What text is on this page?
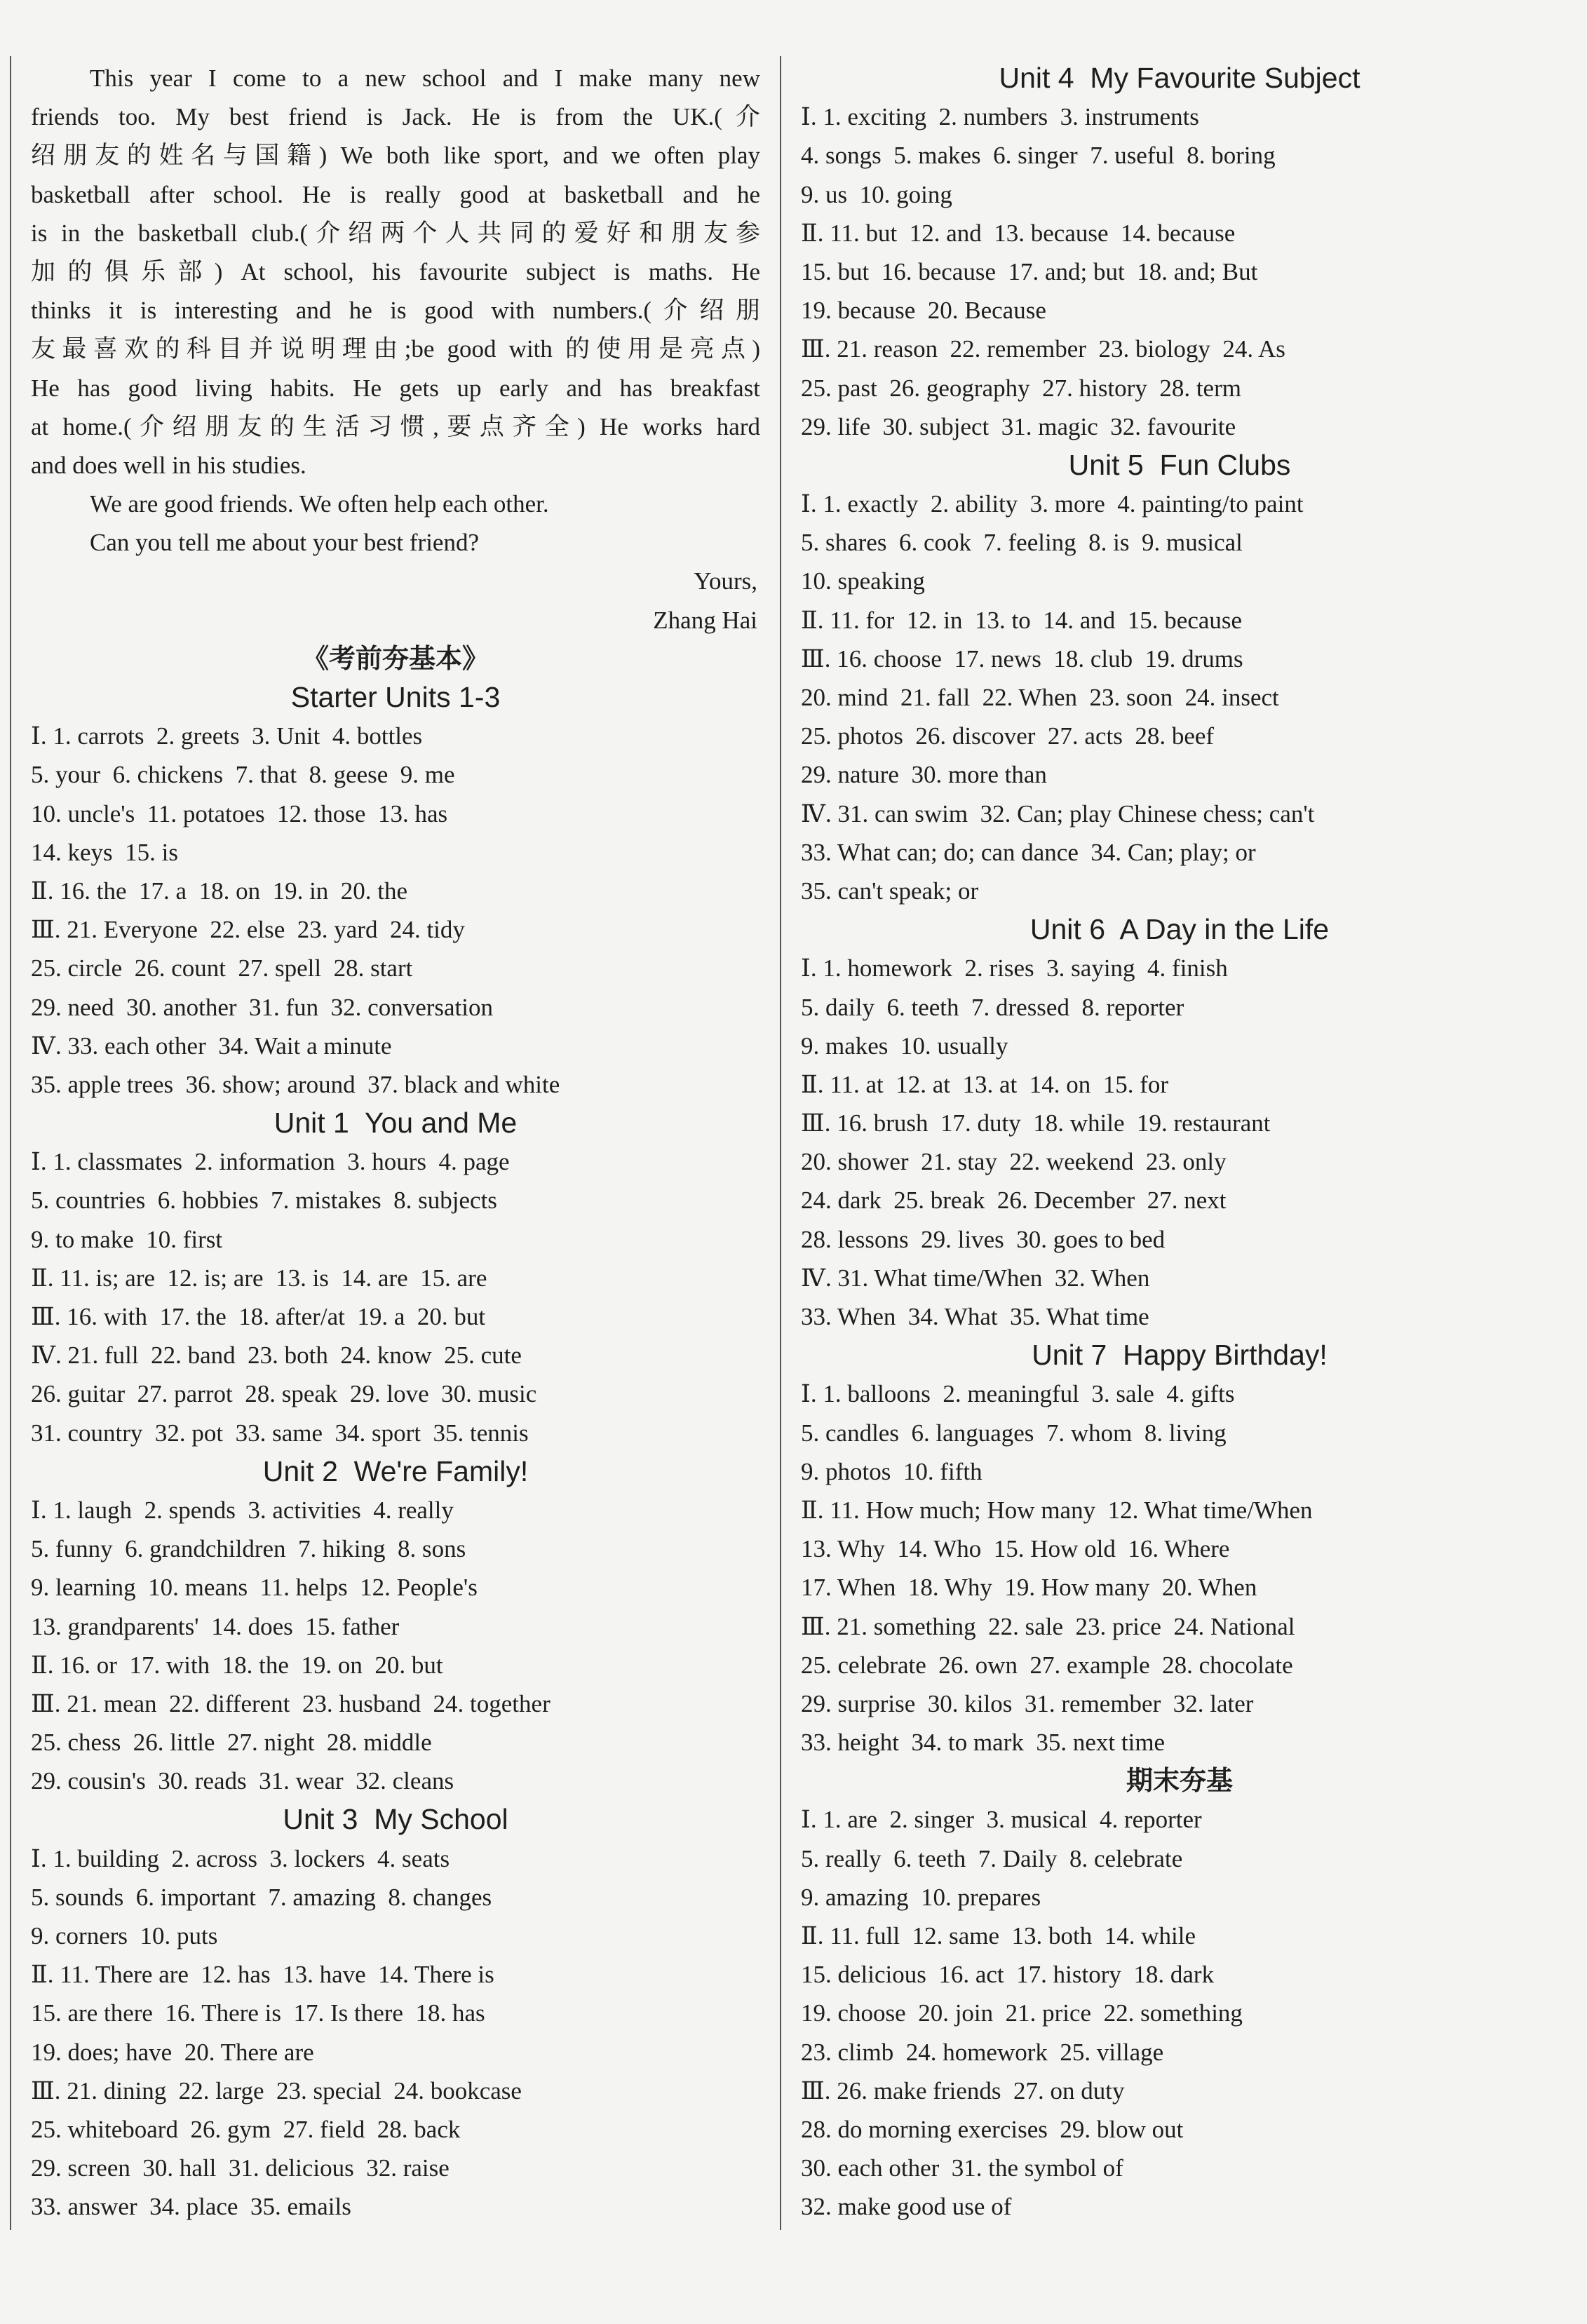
This year I come to a new school and I make many new
friends too. My best friend is Jack. He is from the UK.(介
绍朋友的姓名与国籍) We both like sport, and we often play
basketball after school. He is really good at basketball and he
is in the basketball club.(介绍两个人共同的爱好和朋友参
加的俱乐部) At school, his favourite subject is maths. He
thinks it is interesting and he is good with numbers.(介绍朋
友最喜欢的科目并说明理由;be good with 的使用是亮点)
He has good living habits. He gets up early and has breakfast
at home.(介绍朋友的生活习惯,要点齐全) He works hard
and does well in his studies.
We are good friends. We often help each other.
Can you tell me about your best friend?
Yours,
Zhang Hai
《考前夯基本》
Starter Units 1-3
Ⅰ. 1. carrots  2. greets  3. Unit  4. bottles
5. your  6. chickens  7. that  8. geese  9. me
10. uncle's  11. potatoes  12. those  13. has
14. keys  15. is
Ⅱ. 16. the  17. a  18. on  19. in  20. the
Ⅲ. 21. Everyone  22. else  23. yard  24. tidy
25. circle  26. count  27. spell  28. start
29. need  30. another  31. fun  32. conversation
Ⅳ. 33. each other  34. Wait a minute
35. apple trees  36. show; around  37. black and white
Unit 1  You and Me
Ⅰ. 1. classmates  2. information  3. hours  4. page
5. countries  6. hobbies  7. mistakes  8. subjects
9. to make  10. first
Ⅱ. 11. is; are  12. is; are  13. is  14. are  15. are
Ⅲ. 16. with  17. the  18. after/at  19. a  20. but
Ⅳ. 21. full  22. band  23. both  24. know  25. cute
26. guitar  27. parrot  28. speak  29. love  30. music
31. country  32. pot  33. same  34. sport  35. tennis
Unit 2  We're Family!
Ⅰ. 1. laugh  2. spends  3. activities  4. really
5. funny  6. grandchildren  7. hiking  8. sons
9. learning  10. means  11. helps  12. People's
13. grandparents'  14. does  15. father
Ⅱ. 16. or  17. with  18. the  19. on  20. but
Ⅲ. 21. mean  22. different  23. husband  24. together
25. chess  26. little  27. night  28. middle
29. cousin's  30. reads  31. wear  32. cleans
Unit 3  My School
Ⅰ. 1. building  2. across  3. lockers  4. seats
5. sounds  6. important  7. amazing  8. changes
9. corners  10. puts
Ⅱ. 11. There are  12. has  13. have  14. There is
15. are there  16. There is  17. Is there  18. has
19. does; have  20. There are
Ⅲ. 21. dining  22. large  23. special  24. bookcase
25. whiteboard  26. gym  27. field  28. back
29. screen  30. hall  31. delicious  32. raise
33. answer  34. place  35. emails
Unit 4  My Favourite Subject
Ⅰ. 1. exciting  2. numbers  3. instruments
4. songs  5. makes  6. singer  7. useful  8. boring
9. us  10. going
Ⅱ. 11. but  12. and  13. because  14. because
15. but  16. because  17. and; but  18. and; But
19. because  20. Because
Ⅲ. 21. reason  22. remember  23. biology  24. As
25. past  26. geography  27. history  28. term
29. life  30. subject  31. magic  32. favourite
Unit 5  Fun Clubs
Ⅰ. 1. exactly  2. ability  3. more  4. painting/to paint
5. shares  6. cook  7. feeling  8. is  9. musical
10. speaking
Ⅱ. 11. for  12. in  13. to  14. and  15. because
Ⅲ. 16. choose  17. news  18. club  19. drums
20. mind  21. fall  22. When  23. soon  24. insect
25. photos  26. discover  27. acts  28. beef
29. nature  30. more than
Ⅳ. 31. can swim  32. Can; play Chinese chess; can't
33. What can; do; can dance  34. Can; play; or
35. can't speak; or
Unit 6  A Day in the Life
Ⅰ. 1. homework  2. rises  3. saying  4. finish
5. daily  6. teeth  7. dressed  8. reporter
9. makes  10. usually
Ⅱ. 11. at  12. at  13. at  14. on  15. for
Ⅲ. 16. brush  17. duty  18. while  19. restaurant
20. shower  21. stay  22. weekend  23. only
24. dark  25. break  26. December  27. next
28. lessons  29. lives  30. goes to bed
Ⅳ. 31. What time/When  32. When
33. When  34. What  35. What time
Unit 7  Happy Birthday!
Ⅰ. 1. balloons  2. meaningful  3. sale  4. gifts
5. candles  6. languages  7. whom  8. living
9. photos  10. fifth
Ⅱ. 11. How much; How many  12. What time/When
13. Why  14. Who  15. How old  16. Where
17. When  18. Why  19. How many  20. When
Ⅲ. 21. something  22. sale  23. price  24. National
25. celebrate  26. own  27. example  28. chocolate
29. surprise  30. kilos  31. remember  32. later
33. height  34. to mark  35. next time
期末夯基
Ⅰ. 1. are  2. singer  3. musical  4. reporter
5. really  6. teeth  7. Daily  8. celebrate
9. amazing  10. prepares
Ⅱ. 11. full  12. same  13. both  14. while
15. delicious  16. act  17. history  18. dark
19. choose  20. join  21. price  22. something
23. climb  24. homework  25. village
Ⅲ. 26. make friends  27. on duty
28. do morning exercises  29. blow out
30. each other  31. the symbol of
32. make good use of
